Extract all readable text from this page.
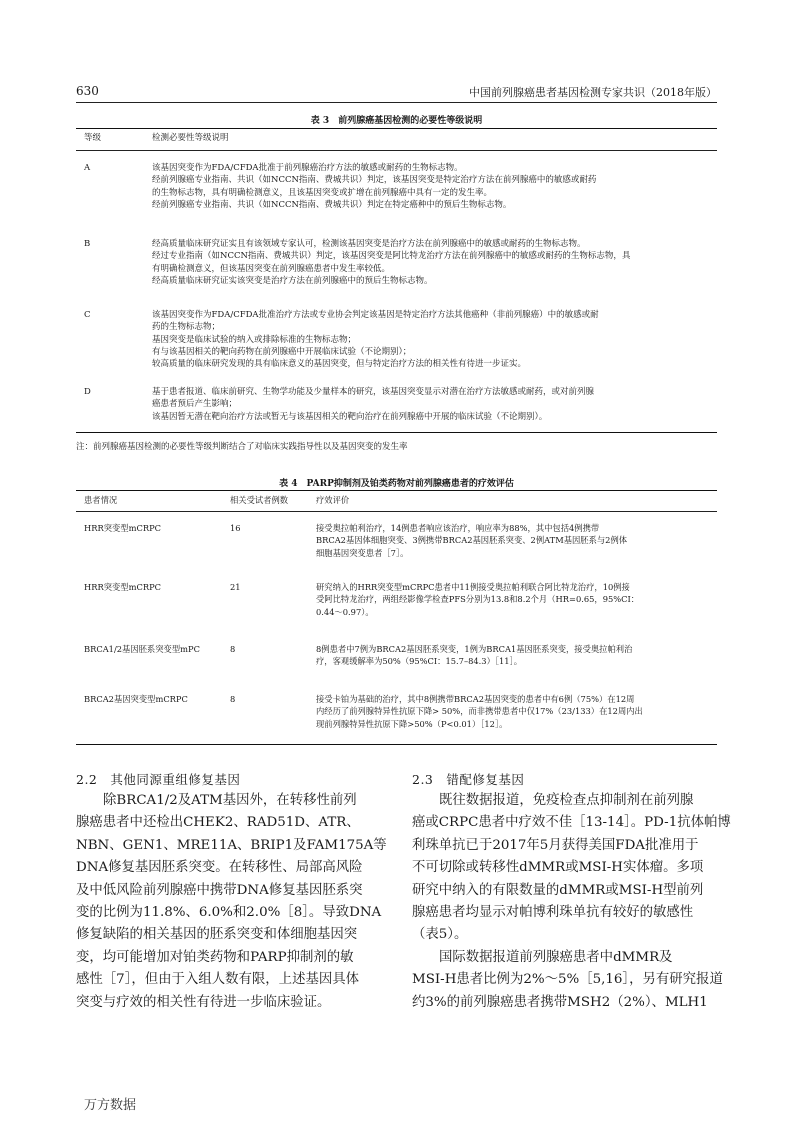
630	中国前列腺癌患者基因检测专家共识（2018年版）
表 3　前列腺癌基因检测的必要性等级说明
等级	检测必要性等级说明
A	该基因突变作为FDA/CFDA批准于前列腺癌治疗方法的敏感或耐药的生物标志物。
经前列腺癌专业指南、共识（如NCCN指南、费城共识）判定，该基因突变是特定治疗方法在前列腺癌中的敏感或耐药
的生物标志物，具有明确检测意义，且该基因突变或扩增在前列腺癌中具有一定的发生率。
经前列腺癌专业指南、共识（如NCCN指南、费城共识）判定在特定癌种中的预后生物标志物。
B	经高质量临床研究证实且有该领域专家认可，检测该基因突变是治疗方法在前列腺癌中的敏感或耐药的生物标志物。
经过专业指南（如NCCN指南、费城共识）判定，该基因突变是阿比特龙治疗方法在前列腺癌中的敏感或耐药的生物标志物，具
有明确检测意义，但该基因突变在前列腺癌患者中发生率较低。
经高质量临床研究证实该突变是治疗方法在前列腺癌中的预后生物标志物。
C	该基因突变作为FDA/CFDA批准治疗方法或专业协会判定该基因是特定治疗方法其他癌种（非前列腺癌）中的敏感或耐
药的生物标志物；
基因突变是临床试验的纳入或排除标准的生物标志物；
有与该基因相关的靶向药物在前列腺癌中开展临床试验（不论期别）；
较高质量的临床研究发现的具有临床意义的基因突变，但与特定治疗方法的相关性有待进一步证实。
D	基于患者报道、临床前研究、生物学功能及少量样本的研究，该基因突变显示对潜在治疗方法敏感或耐药，或对前列腺
癌患者预后产生影响；
该基因暂无潜在靶向治疗方法或暂无与该基因相关的靶向治疗在前列腺癌中开展的临床试验（不论期别）。
注：前列腺癌基因检测的必要性等级判断结合了对临床实践指导性以及基因突变的发生率
表 4　PARP抑制剂及铂类药物对前列腺癌患者的疗效评估
患者情况	相关受试者例数	疗效评价
HRR突变型mCRPC	16	接受奥拉帕利治疗，14例患者响应该治疗，响应率为88%，其中包括4例携带
BRCA2基因体细胞突变、3例携带BRCA2基因胚系突变、2例ATM基因胚系与2例体
细胞基因突变患者［7］。
HRR突变型mCRPC	21	研究纳入的HRR突变型mCRPC患者中11例接受奥拉帕利联合阿比特龙治疗，10例接
受阿比特龙治疗，两组经影像学检查PFS分别为13.8和8.2个月（HR=0.65，95%CI：
0.44～0.97）。
BRCA1/2基因胚系突变型mPC	8	8例患者中7例为BRCA2基因胚系突变，1例为BRCA1基因胚系突变，接受奥拉帕利治
疗，客观缓解率为50%（95%CI：15.7–84.3）［11］。
BRCA2基因突变型mCRPC	8	接受卡铂为基础的治疗，其中8例携带BRCA2基因突变的患者中有6例（75%）在12周
内经历了前列腺特异性抗原下降> 50%，而非携带患者中仅17%（23/133）在12周内出
现前列腺特异性抗原下降>50%（P<0.01）［12］。
2.2　其他同源重组修复基因
除BRCA1/2及ATM基因外，在转移性前列
腺癌患者中还检出CHEK2、RAD51D、ATR、
NBN、GEN1、MRE11A、BRIP1及FAM175A等
DNA修复基因胚系突变。在转移性、局部高风险
及中低风险前列腺癌中携带DNA修复基因胚系突
变的比例为11.8%、6.0%和2.0%［8］。导致DNA
修复缺陷的相关基因的胚系突变和体细胞基因突
变，均可能增加对铂类药物和PARP抑制剂的敏
感性［7］，但由于入组人数有限，上述基因具体
突变与疗效的相关性有待进一步临床验证。
2.3　错配修复基因
既往数据报道，免疫检查点抑制剂在前列腺
癌或CRPC患者中疗效不佳［13-14］。PD-1抗体帕博
利珠单抗已于2017年5月获得美国FDA批准用于
不可切除或转移性dMMR或MSI-H实体瘤。多项
研究中纳入的有限数量的dMMR或MSI-H型前列
腺癌患者均显示对帕博利珠单抗有较好的敏感性
（表5）。
国际数据报道前列腺癌患者中dMMR及
MSI-H患者比例为2%～5%［5,16］，另有研究报道
约3%的前列腺癌患者携带MSH2（2%）、MLH1
万方数据
